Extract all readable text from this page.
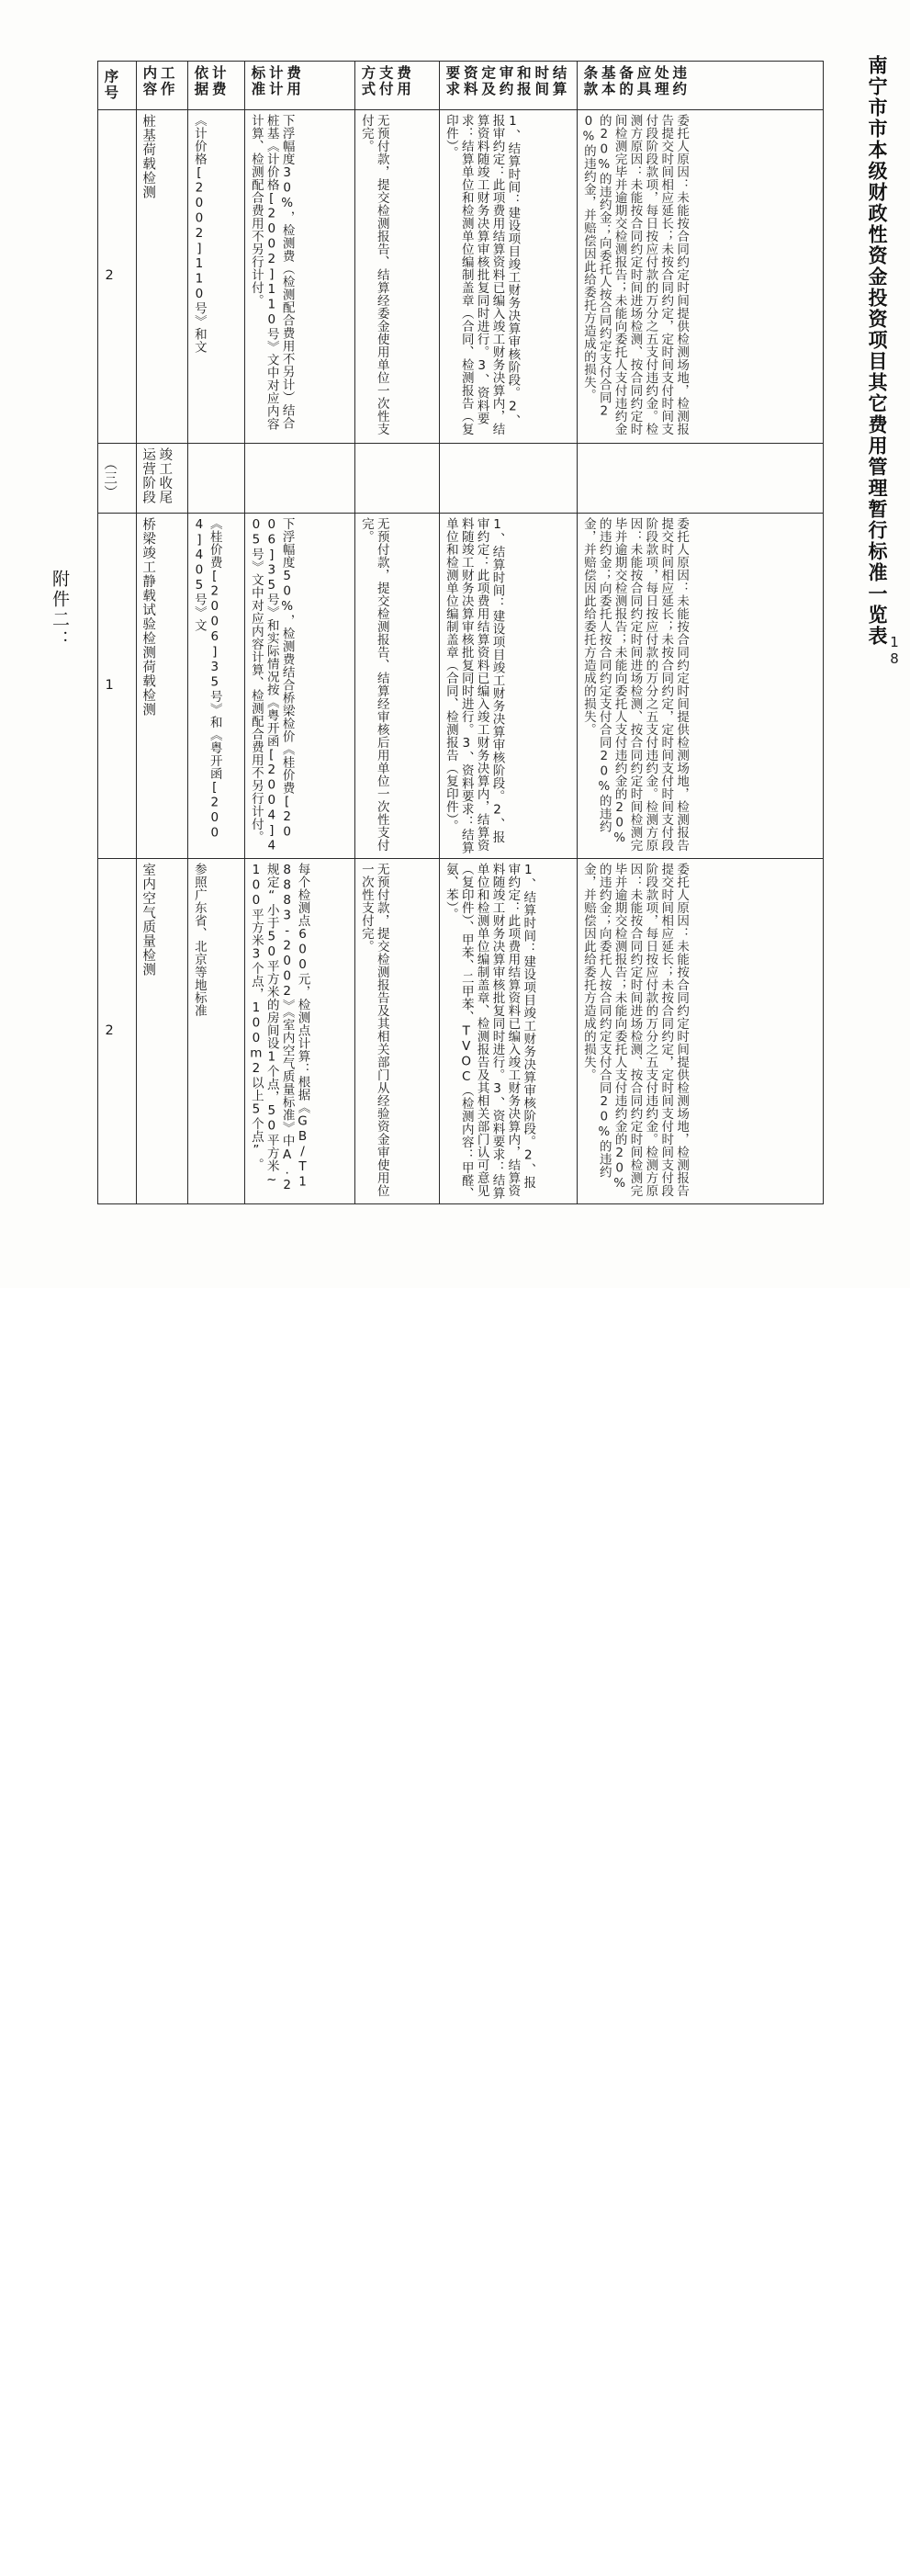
附件二：	南宁市市本级财政性资金投资项目其它费用管理暂行标准一览表
18
序号	工作内容	计费依据	费用计计标准	费用支付方式	结算时间和报审约定及资料要求	违约处理应具备的基本条款

2	桩基荷载检测	《计价格[2002]110号》和文	下浮幅度30%，检测费（检测配合费用不另计）结合桩基《计价格[2002]110号》文中对应内容计算、检测配合费用不另行计付。	无预付款，提交检测报告、结算经委金使用单位一次性支付完。	1、结算时间：建设项目竣工财务决算审核阶段。2、报审约定：此项费用结算资料已编入竣工财务决算内，结算资料随竣工财务决算审核批复同时进行。3、资料要求：结算单位和检测单位编制盖章（合同、检测报告（复印件）。	委托人原因：未能按合同约定时间提供检测场地，检测报告提交时间相应延长；未按合同约定，定时间支付时间支付段阶段款项，每日按应付款的万分之五支付违约金。检测方原因：未能按合同约定时间进场检测、按合同约定时间检测完毕并逾期交检测报告；未能向委托人支付违约金的20%的违约金；向委托人按合同约定支付合同20%的违约金，并赔偿因此给委托方造成的损失。

（三）	竣工收尾运营阶段					

1	桥梁竣工静载试验检测荷载检测	《桂价费[2006]35号》和《粤开函[2004]405号》文	下浮幅度50%，检测费结合桥梁检价《桂价费[2006]35号》和实际情况按《粤开函[2004]405号》文中对应内容计算、检测配合费用不另行计付。	无预付款，提交检测报告、结算经审核后用单位一次性支付完。	1、结算时间：建设项目竣工财务决算审核阶段。2、报审约定：此项费用结算资料已编入竣工财务决算内，结算资料随竣工财务决算审核批复同时进行。3、资料要求：结算单位和检测单位编制盖章（合同、检测报告（复印件）。	委托人原因：未能按合同约定时间提供检测场地，检测报告提交时间相应延长；未按合同约定，定时间支付时间支付段阶段款项，每日按应付款的万分之五支付违约金。检测方原因：未能按合同约定时间进场检测、按合同约定时间检测完毕并逾期交检测报告；未能向委托人支付违约金的20%的违约金；向委托人按合同约定支付合同20%的违约金，并赔偿因此给委托方造成的损失。

2	室内空气质量检测	参照广东省、北京等地标准	每个检测点600元，检测点计算：根据《GB/T18883-2002》《室内空气质量标准》中A.2规定“小于50平方米的房间设1个点，50平方米~100平方米3个点，100m2以上5个点”。	无预付款，提交检测报告及其相关部门从经验资金审使用位一次性支付完。	1、结算时间：建设项目竣工财务决算审核阶段。2、报审约定：此项费用结算资料已编入竣工财务决算内，结算资料随竣工财务决算审核批复同时进行。3、资料要求：结算单位和检测单位编制盖章、检测报告及其相关部门认可意见（复印件）、甲苯、二甲苯、TVOC（检测内容：甲醛、氨、苯）。	委托人原因：未能按合同约定时间提供检测场地，检测报告提交时间相应延长；未按合同约定，定时间支付时间支付段阶段款项，每日按应付款的万分之五支付违约金。检测方原因：未能按合同约定时间进场检测、按合同约定时间检测完毕并逾期交检测报告；未能向委托人支付违约金的20%的违约金；向委托人按合同约定支付合同20%的违约金，并赔偿因此给委托方造成的损失。
